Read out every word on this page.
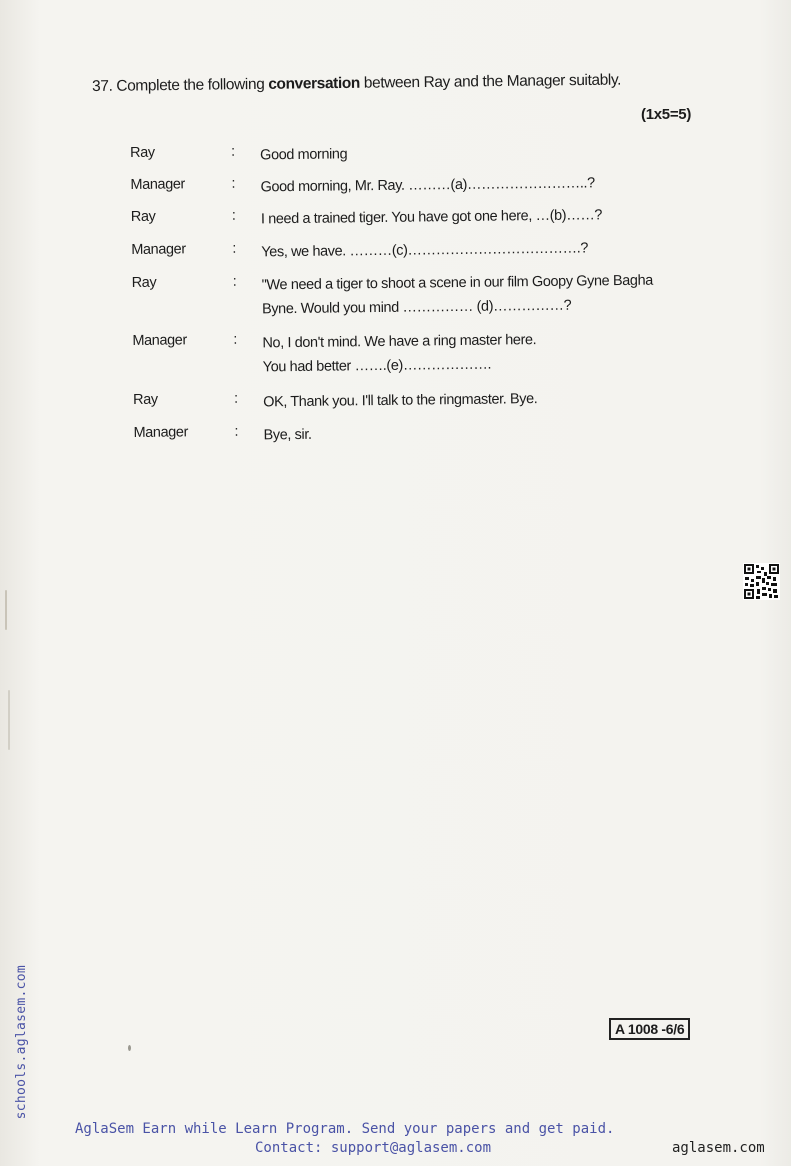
37. Complete the following conversation between Ray and the Manager suitably.
(1x5=5)
Ray	: Good morning
Manager	: Good morning, Mr. Ray. ………(a)……………………..?
Ray	: I need a trained tiger. You have got one here, …(b)……?
Manager	: Yes, we have. ………(c)……………………………….?
Ray	: "We need a tiger to shoot a scene in our film Goopy Gyne Bagha
Byne. Would you mind …………… (d)……………?
Manager	: No, I don't mind. We have a ring master here.
You had better …….(e)……………….
Ray	: OK, Thank you. I'll talk to the ringmaster. Bye.
Manager	: Bye, sir.
A 1008 -6/6
schools.aglasem.com
AglaSem Earn while Learn Program. Send your papers and get paid.
Contact: support@aglasem.com	aglasem.com
